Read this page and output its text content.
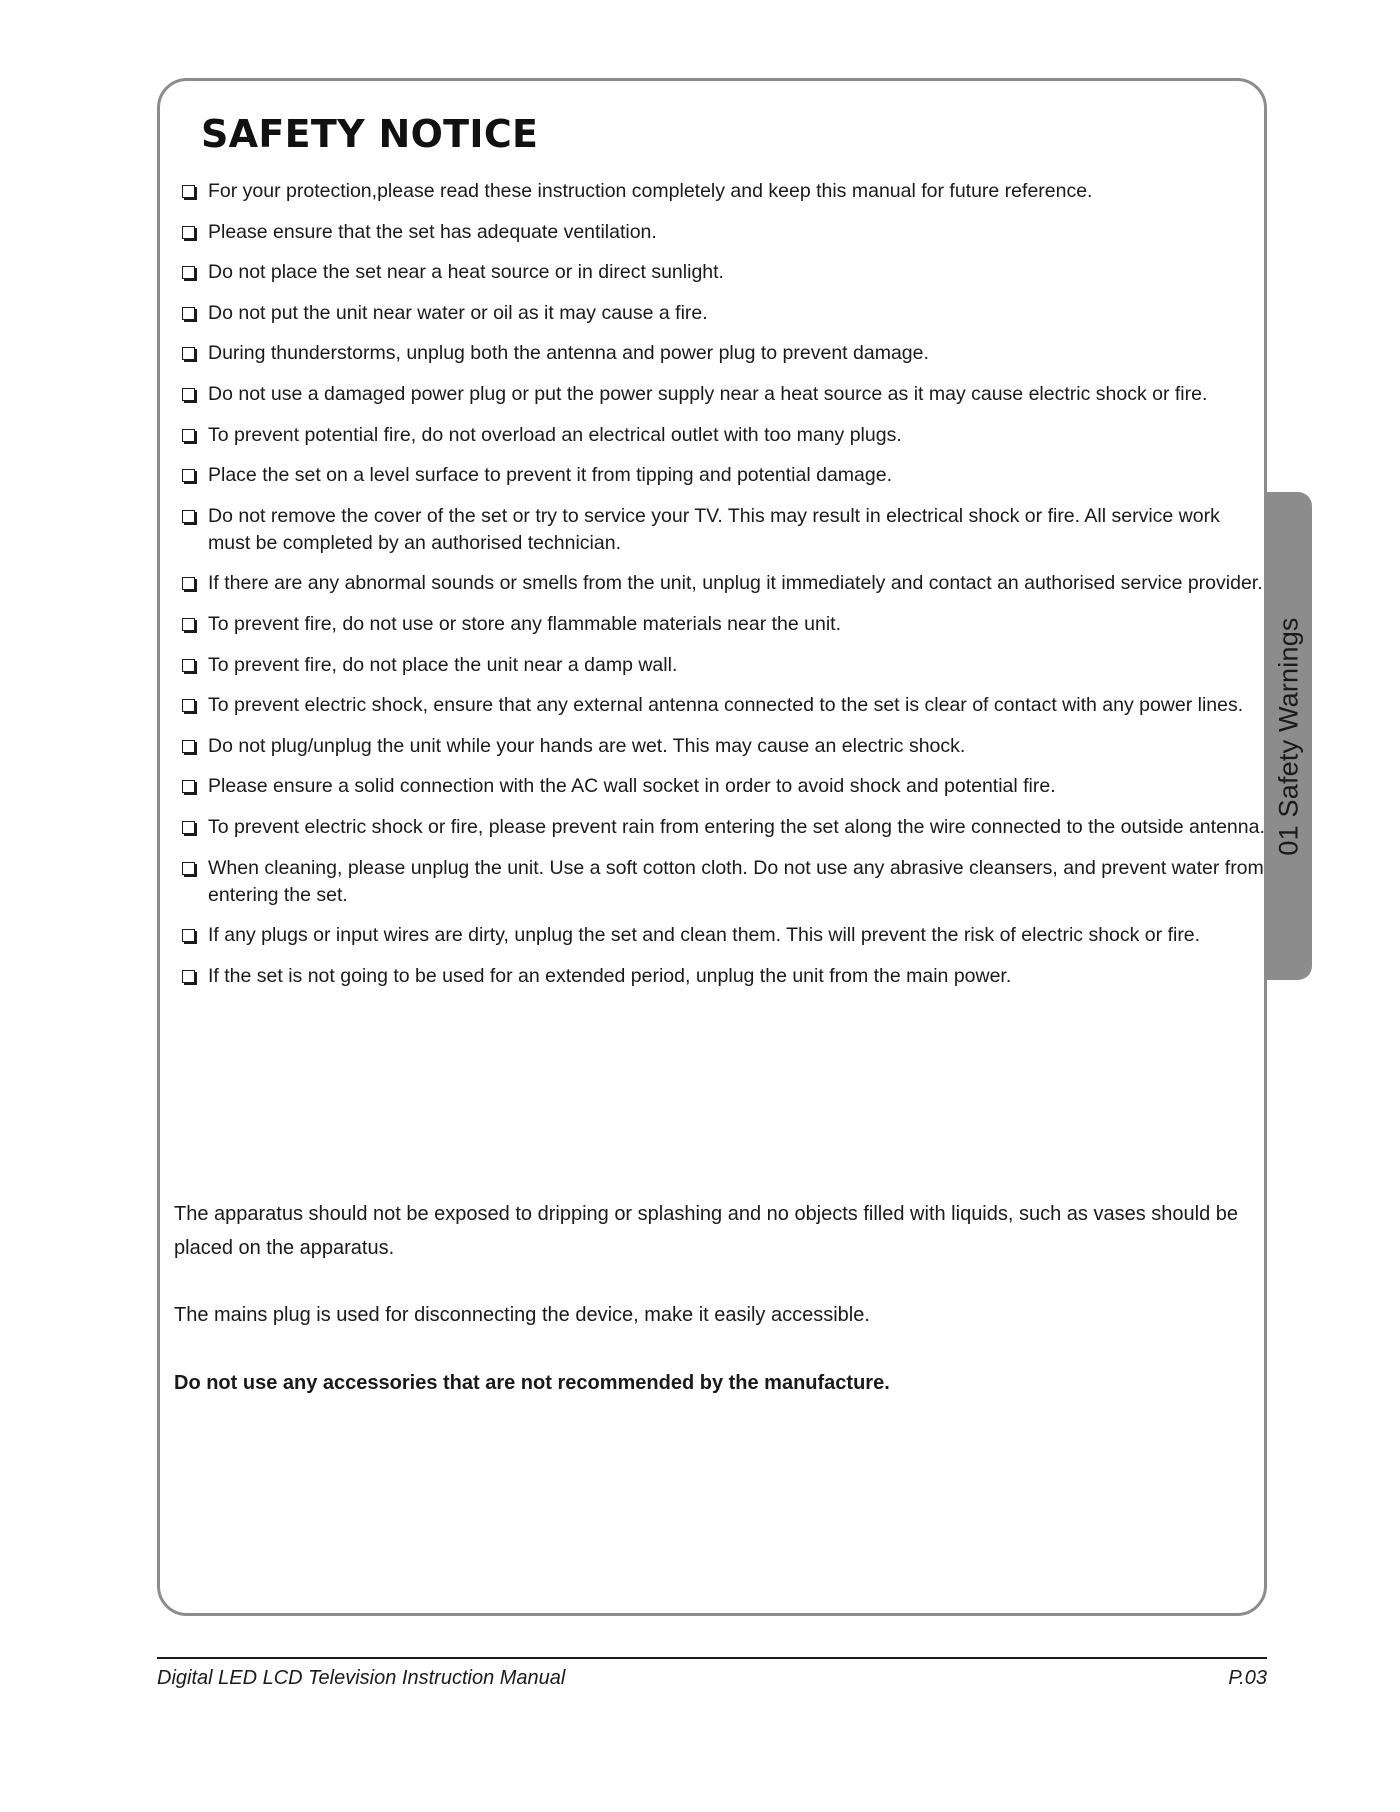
01 Safety Warnings
SAFETY NOTICE
For your protection,please read these instruction completely and keep this manual for future reference.
Please ensure that the set has adequate ventilation.
Do not place the set near a heat source or in direct sunlight.
Do not put the unit near water or oil as it may cause a fire.
During thunderstorms, unplug both the antenna and power plug to prevent damage.
Do not use a damaged power plug or put the power supply near a heat source as it may cause electric shock or fire.
To prevent potential fire, do not overload an electrical outlet with too many plugs.
Place the set on a level surface to prevent it from tipping and potential damage.
Do not remove the cover of the set or try to service your TV. This may result in electrical shock or fire. All service work must be completed by an authorised technician.
If there are any abnormal sounds or smells from the unit, unplug it immediately and contact an authorised service provider.
To prevent fire, do not use or store any flammable materials near the unit.
To prevent fire, do not place the unit near a damp wall.
To prevent electric shock, ensure that any external antenna connected to the set is clear of contact with any power lines.
Do not plug/unplug the unit while your hands are wet. This may cause an electric shock.
Please ensure a solid connection with the AC wall socket in order to avoid shock and potential fire.
To prevent electric shock or fire, please prevent rain from entering the set along the wire connected to the outside antenna.
When cleaning, please unplug the unit. Use a soft cotton cloth. Do not use any abrasive cleansers, and prevent water from entering the set.
If any plugs or input wires are dirty, unplug the set and clean them. This will prevent the risk of electric shock or fire.
If the set is not going to be used for an extended period, unplug the unit from the main power.

The apparatus should not be exposed to dripping or splashing and no objects filled with liquids, such as vases should be placed on the apparatus.

The mains plug is used for disconnecting the device, make it easily accessible.

Do not use any accessories that are not recommended by the manufacture.

Digital LED LCD Television Instruction Manual	P.03
